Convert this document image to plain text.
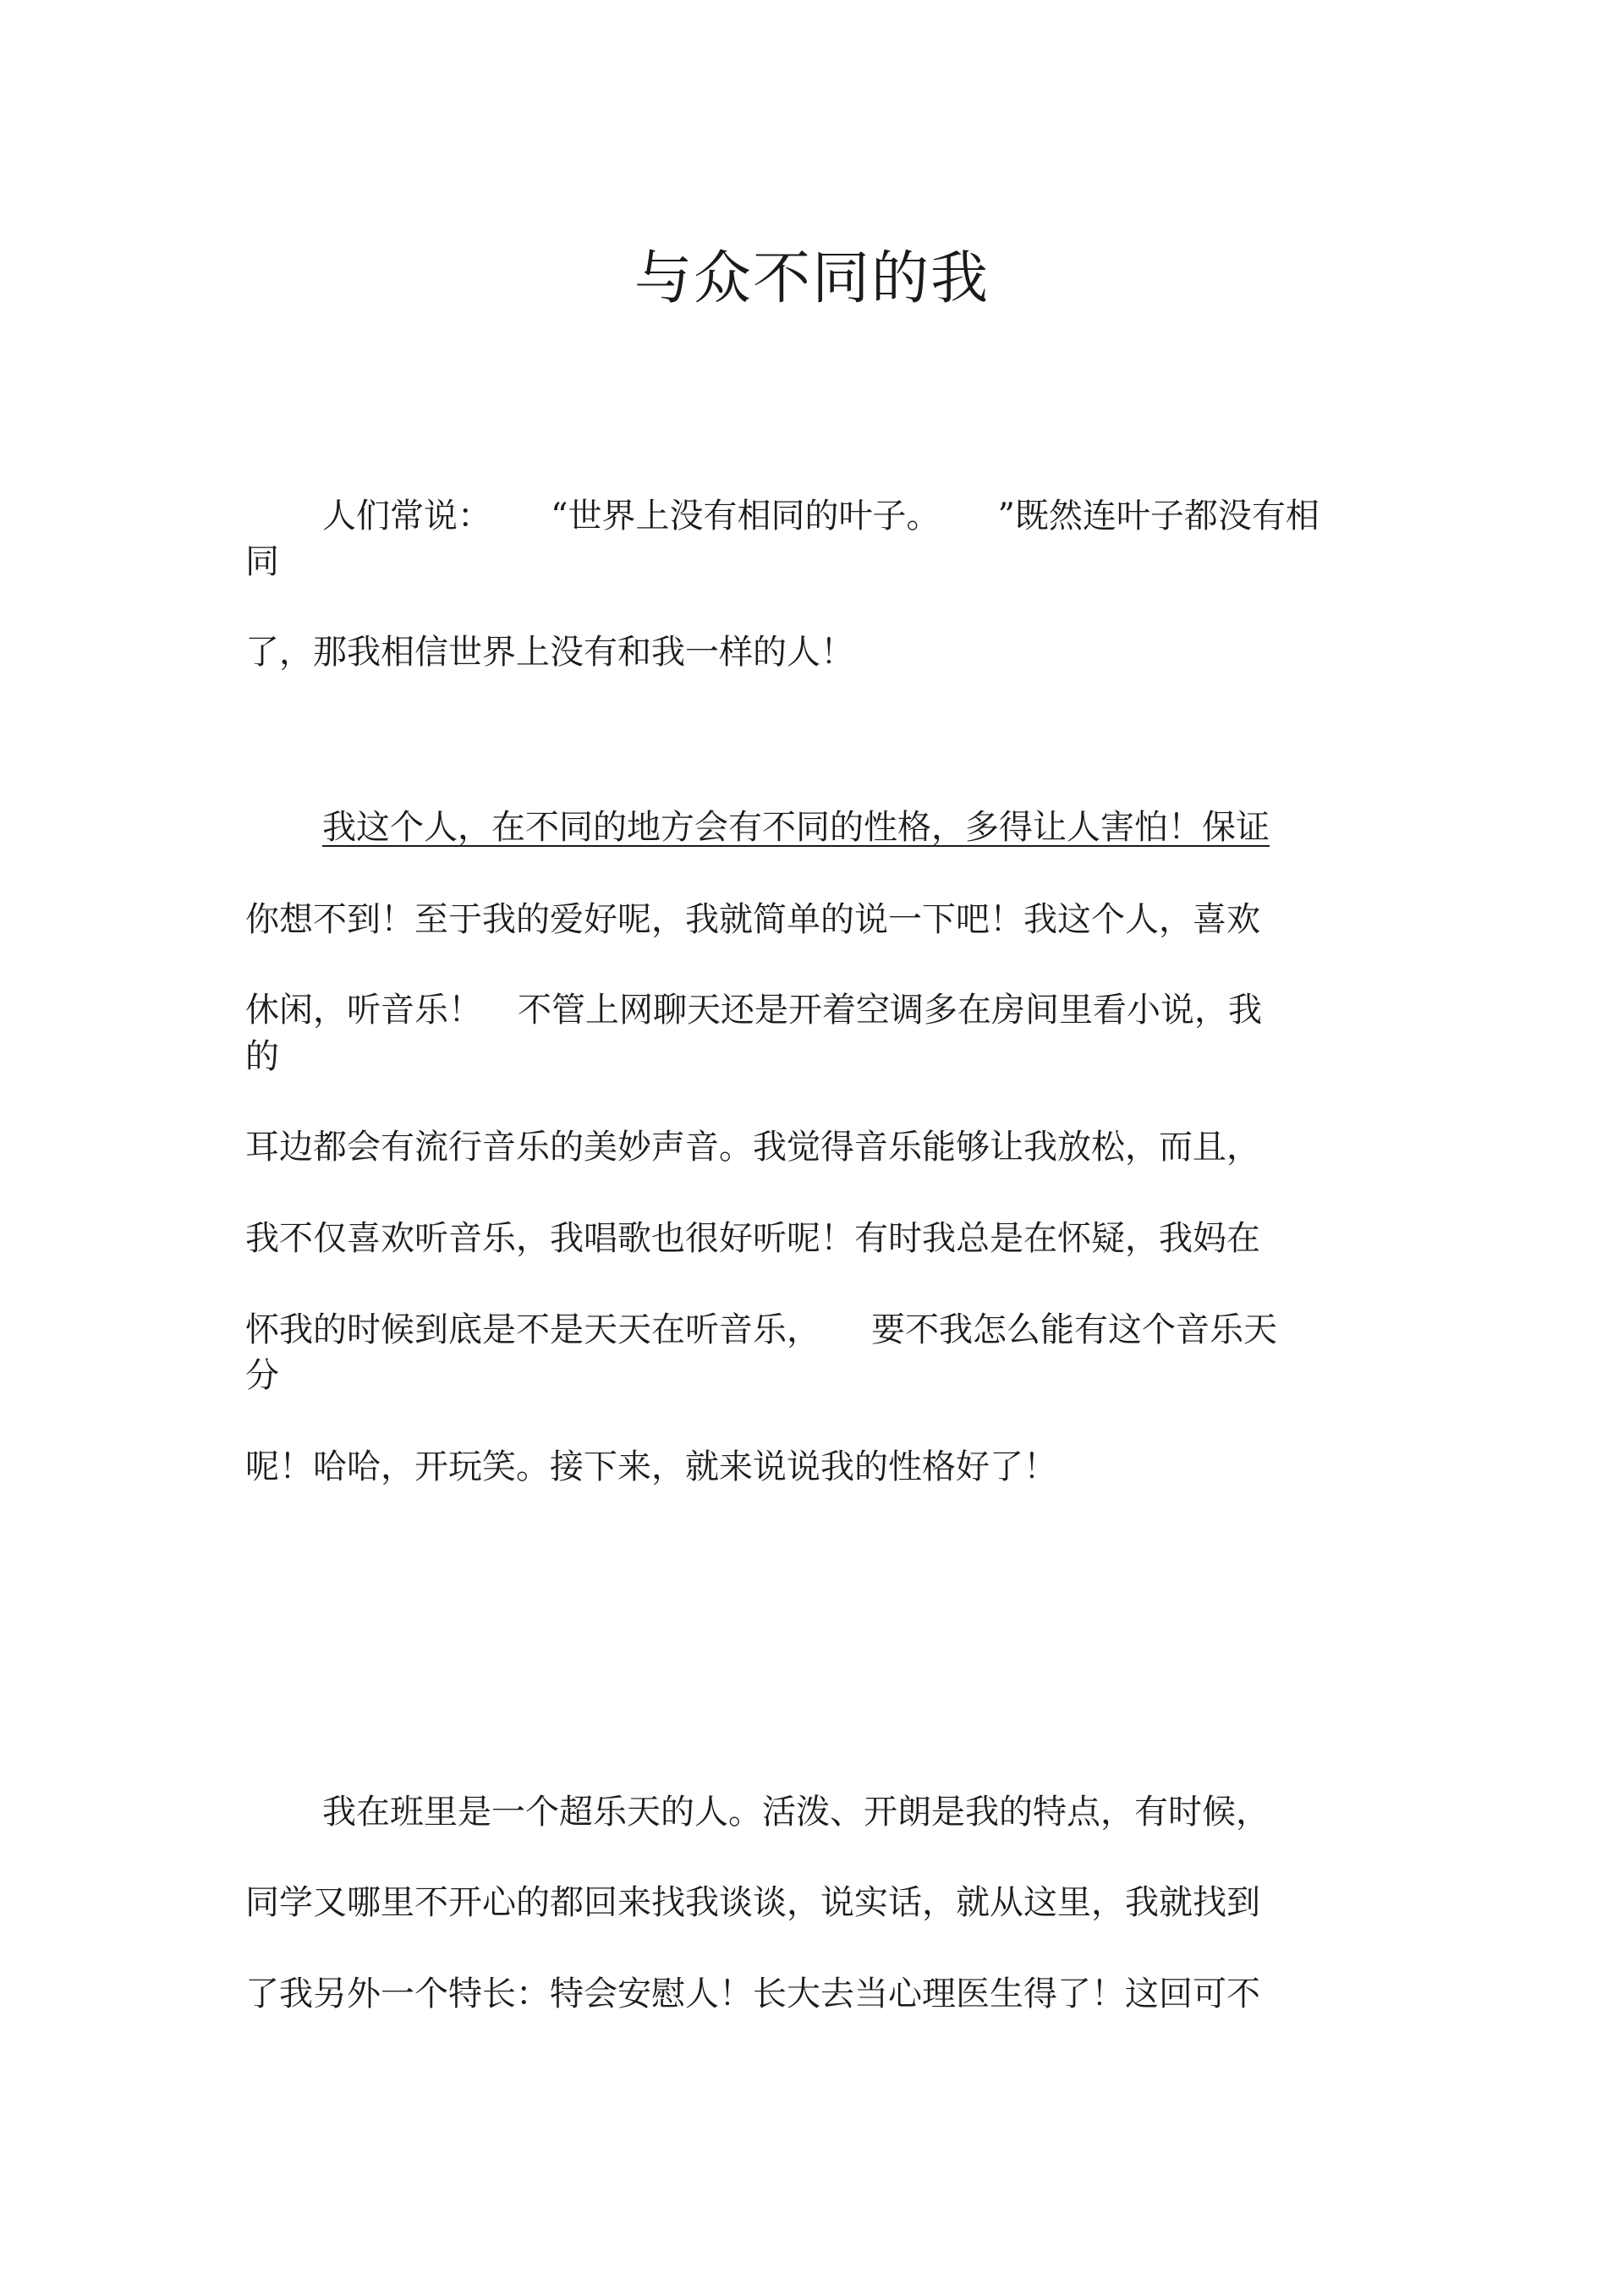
与众不同的我

人们常说： “世界上没有相同的叶子。 ”既然连叶子都没有相

同

了，那我相信世界上没有和我一样的人！

我这个人，在不同的地方会有不同的性格，多得让人害怕！保证

你想不到！至于我的爱好呢，我就简单的说一下吧！我这个人，喜欢

休闲，听音乐！ 不管上网聊天还是开着空调多在房间里看小说，我

的

耳边都会有流行音乐的美妙声音。我觉得音乐能够让我放松，而且，

我不仅喜欢听音乐，我唱歌也很好听呢！有时我总是在怀疑，我妈在

怀我的时候到底是不是天天在听音乐， 要不我怎么能有这个音乐天

分

呢！哈哈，开玩笑。接下来，就来说说我的性格好了！

我在班里是一个超乐天的人。活泼、开朗是我的特点，有时候，

同学又哪里不开心的都回来找我谈谈，说实话，就从这里，我就找到

了我另外一个特长：特会安慰人！长大去当心理医生得了！这回可不
